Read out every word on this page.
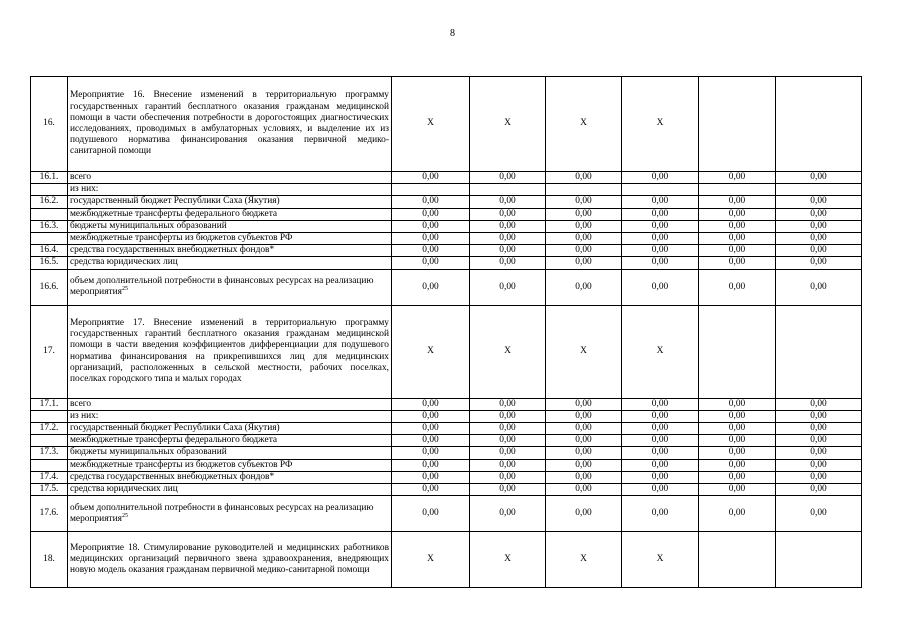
8
16.	Мероприятие 16. Внесение изменений в территориальную программу государственных гарантий бесплатного оказания гражданам медицинской помощи в части обеспечения потребности в дорогостоящих диагностических исследованиях, проводимых в амбулаторных условиях, и выделение их из подушевого норматива финансирования оказания первичной медико-санитарной помощи	X	X	X	X		
16.1.	всего	0,00	0,00	0,00	0,00	0,00	0,00
	из них:						
16.2.	государственный бюджет Республики Саха (Якутия)	0,00	0,00	0,00	0,00	0,00	0,00
	межбюджетные трансферты федерального бюджета	0,00	0,00	0,00	0,00	0,00	0,00
16.3.	бюджеты муниципальных образований	0,00	0,00	0,00	0,00	0,00	0,00
	межбюджетные трансферты из бюджетов субъектов РФ	0,00	0,00	0,00	0,00	0,00	0,00
16.4.	средства государственных внебюджетных фондов*	0,00	0,00	0,00	0,00	0,00	0,00
16.5.	средства юридических лиц	0,00	0,00	0,00	0,00	0,00	0,00
16.6.	объем дополнительной потребности в финансовых ресурсах на реализацию мероприятия$^{25}$	0,00	0,00	0,00	0,00	0,00	0,00
17.	Мероприятие 17. Внесение изменений в территориальную программу государственных гарантий бесплатного оказания гражданам медицинской помощи в части введения коэффициентов дифференциации для подушевого норматива финансирования на прикрепившихся лиц для медицинских организаций, расположенных в сельской местности, рабочих поселках, поселках городского типа и малых городах	X	X	X	X		
17.1.	всего	0,00	0,00	0,00	0,00	0,00	0,00
	из них:	0,00	0,00	0,00	0,00	0,00	0,00
17.2.	государственный бюджет Республики Саха (Якутия)	0,00	0,00	0,00	0,00	0,00	0,00
	межбюджетные трансферты федерального бюджета	0,00	0,00	0,00	0,00	0,00	0,00
17.3.	бюджеты муниципальных образований	0,00	0,00	0,00	0,00	0,00	0,00
	межбюджетные трансферты из бюджетов субъектов РФ	0,00	0,00	0,00	0,00	0,00	0,00
17.4.	средства государственных внебюджетных фондов*	0,00	0,00	0,00	0,00	0,00	0,00
17.5.	средства юридических лиц	0,00	0,00	0,00	0,00	0,00	0,00
17.6.	объем дополнительной потребности в финансовых ресурсах на реализацию мероприятия$^{25}$	0,00	0,00	0,00	0,00	0,00	0,00
18.	Мероприятие 18. Стимулирование руководителей и медицинских работников медицинских организаций первичного звена здравоохранения, внедряющих новую модель оказания гражданам первичной медико-санитарной помощи	X	X	X	X		
